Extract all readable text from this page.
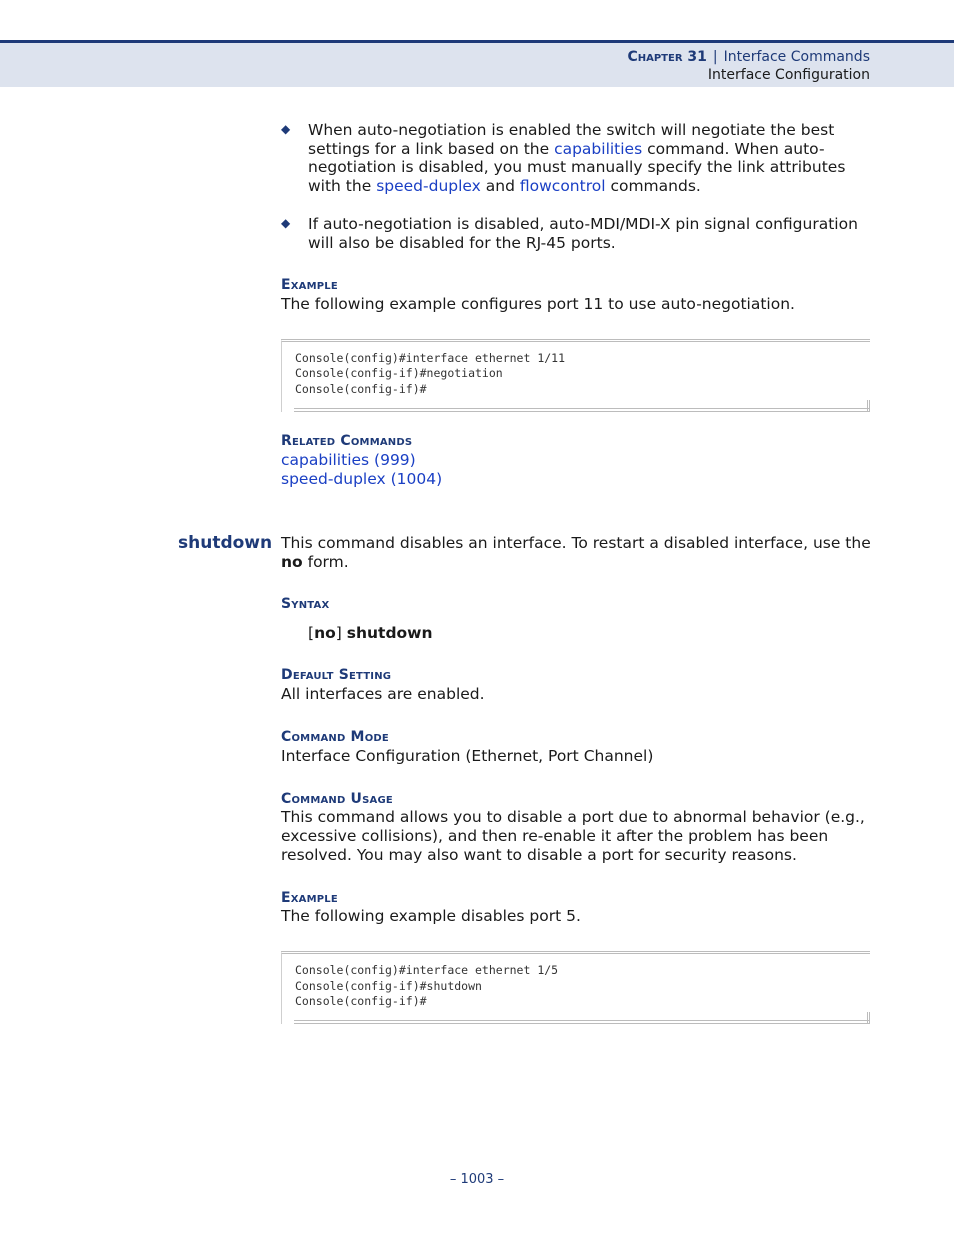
Chapter 31 | Interface Commands
Interface Configuration
◆ When auto-negotiation is enabled the switch will negotiate the best settings for a link based on the capabilities command. When auto-negotiation is disabled, you must manually specify the link attributes with the speed-duplex and flowcontrol commands.
◆ If auto-negotiation is disabled, auto-MDI/MDI-X pin signal configuration will also be disabled for the RJ-45 ports.
Example
The following example configures port 11 to use auto-negotiation.
Console(config)#interface ethernet 1/11
Console(config-if)#negotiation
Console(config-if)#
Related Commands
capabilities (999)
speed-duplex (1004)
shutdown This command disables an interface. To restart a disabled interface, use the no form.
Syntax
[no] shutdown
Default Setting
All interfaces are enabled.
Command Mode
Interface Configuration (Ethernet, Port Channel)
Command Usage
This command allows you to disable a port due to abnormal behavior (e.g., excessive collisions), and then re-enable it after the problem has been resolved. You may also want to disable a port for security reasons.
Example
The following example disables port 5.
Console(config)#interface ethernet 1/5
Console(config-if)#shutdown
Console(config-if)#
– 1003 –
